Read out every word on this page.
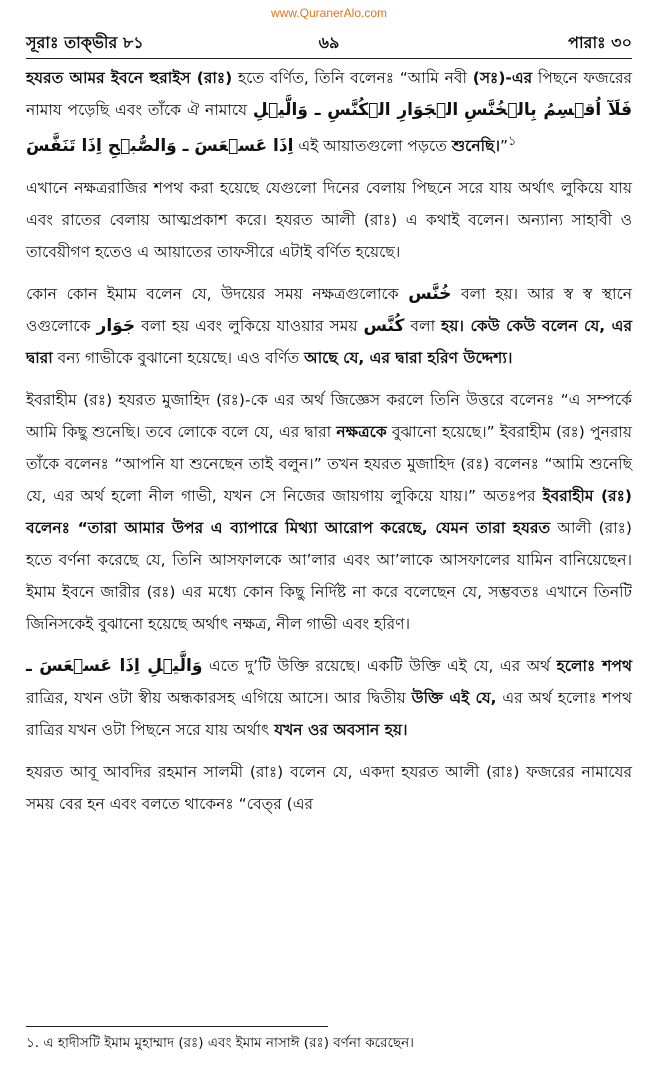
www.QuranerAlo.com
সূরাঃ তাক্‌ভীর ৮১	৬৯	পারাঃ ৩০

হযরত আমর ইবনে হুরাইস (রাঃ) হতে বর্ণিত, তিনি বলেনঃ “আমি নবী (সঃ)-এর পিছনে ফজরের নামায পড়েছি এবং তাঁকে ঐ নামাযে	فَلَآ اُقۡسِمُ بِالۡخُنَّسِ الۡجَوَارِ الۡكُنَّسِ ـ وَالَّيۡلِ اِذَا عَسۡعَسَ ـ وَالصُّبۡحِ اِذَا تَنَفَّسَ এই আয়াতগুলো পড়তে শুনেছি।”$^১$

এখানে নক্ষত্ররাজির শপথ করা হয়েছে যেগুলো দিনের বেলায় পিছনে সরে যায় অর্থাৎ লুকিয়ে যায় এবং রাতের বেলায় আত্মপ্রকাশ করে। হযরত আলী (রাঃ) এ কথাই বলেন। অন্যান্য সাহাবী ও তাবেয়ীগণ হতেও এ আয়াতের তাফসীরে এটাই বর্ণিত হয়েছে।

কোন কোন ইমাম বলেন যে, উদয়ের সময় নক্ষত্রগুলোকে خُنَّس বলা হয়। আর স্ব স্ব স্থানে ওগুলোকে جَوَار বলা হয় এবং লুকিয়ে যাওয়ার সময় كُنَّس বলা হয়। কেউ কেউ বলেন যে, এর দ্বারা বন্য গাভীকে বুঝানো হয়েছে। এও বর্ণিত আছে যে, এর দ্বারা হরিণ উদ্দেশ্য।

ইবরাহীম (রঃ) হযরত মুজাহিদ (রঃ)-কে এর অর্থ জিজ্ঞেস করলে তিনি উত্তরে বলেনঃ “এ সম্পর্কে আমি কিছু শুনেছি। তবে লোকে বলে যে, এর দ্বারা নক্ষত্রকে বুঝানো হয়েছে।” ইবরাহীম (রঃ) পুনরায় তাঁকে বলেনঃ “আপনি যা শুনেছেন তাই বলুন।” তখন হযরত মুজাহিদ (রঃ) বলেনঃ “আমি শুনেছি যে, এর অর্থ হলো নীল গাভী, যখন সে নিজের জায়গায় লুকিয়ে যায়।” অতঃপর ইবরাহীম (রঃ) বলেনঃ “তারা আমার উপর এ ব্যাপারে মিথ্যা আরোপ করেছে, যেমন তারা হযরত আলী (রাঃ) হতে বর্ণনা করেছে যে, তিনি আসফালকে আ’লার এবং আ’লাকে আসফালের যামিন বানিয়েছেন। ইমাম ইবনে জারীর (রঃ) এর মধ্যে কোন কিছু নির্দিষ্ট না করে বলেছেন যে, সম্ভবতঃ এখানে তিনটি জিনিসকেই বুঝানো হয়েছে অর্থাৎ নক্ষত্র, নীল গাভী এবং হরিণ।

وَالَّيۡلِ اِذَا عَسۡعَسَ ـ এতে দু’টি উক্তি রয়েছে। একটি উক্তি এই যে, এর অর্থ হলোঃ শপথ রাত্রির, যখন ওটা স্বীয় অন্ধকারসহ এগিয়ে আসে। আর দ্বিতীয় উক্তি এই যে, এর অর্থ হলোঃ শপথ রাত্রির যখন ওটা পিছনে সরে যায় অর্থাৎ যখন ওর অবসান হয়।

হযরত আবূ আবদির রহমান সালমী (রাঃ) বলেন যে, একদা হযরত আলী (রাঃ) ফজরের নামাযের সময় বের হন এবং বলতে থাকেনঃ “বেত্‌র (এর

১. এ হাদীসটি ইমাম মুহাম্মাদ (রঃ) এবং ইমাম নাসাঈ (রঃ) বর্ণনা করেছেন।
